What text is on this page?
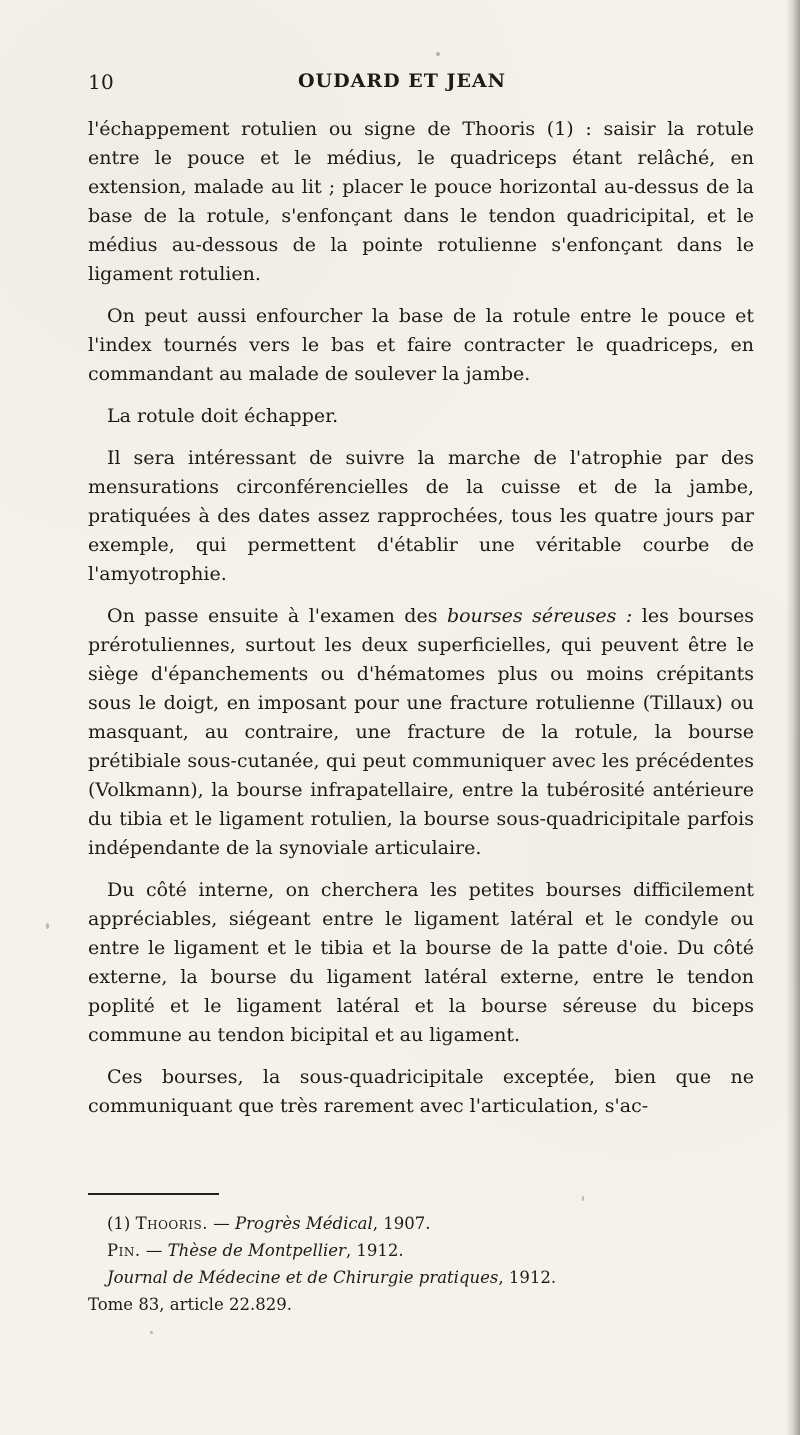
10	OUDARD ET JEAN

l'échappement rotulien ou signe de Thooris (1) : saisir la rotule entre le pouce et le médius, le quadriceps étant relâché, en extension, malade au lit ; placer le pouce horizontal au-dessus de la base de la rotule, s'enfonçant dans le tendon quadricipital, et le médius au-dessous de la pointe rotulienne s'enfonçant dans le ligament rotulien.

On peut aussi enfourcher la base de la rotule entre le pouce et l'index tournés vers le bas et faire contracter le quadriceps, en commandant au malade de soulever la jambe.

La rotule doit échapper.

Il sera intéressant de suivre la marche de l'atrophie par des mensurations circonférencielles de la cuisse et de la jambe, pratiquées à des dates assez rapprochées, tous les quatre jours par exemple, qui permettent d'établir une véritable courbe de l'amyotrophie.

On passe ensuite à l'examen des bourses séreuses : les bourses prérotuliennes, surtout les deux superficielles, qui peuvent être le siège d'épanchements ou d'hématomes plus ou moins crépitants sous le doigt, en imposant pour une fracture rotulienne (Tillaux) ou masquant, au contraire, une fracture de la rotule, la bourse prétibiale sous-cutanée, qui peut communiquer avec les précédentes (Volkmann), la bourse infrapatellaire, entre la tubérosité antérieure du tibia et le ligament rotulien, la bourse sous-quadricipitale parfois indépendante de la synoviale articulaire.

Du côté interne, on cherchera les petites bourses difficilement appréciables, siégeant entre le ligament latéral et le condyle ou entre le ligament et le tibia et la bourse de la patte d'oie. Du côté externe, la bourse du ligament latéral externe, entre le tendon poplité et le ligament latéral et la bourse séreuse du biceps commune au tendon bicipital et au ligament.

Ces bourses, la sous-quadricipitale exceptée, bien que ne communiquant que très rarement avec l'articulation, s'ac-

(1) Thooris. — Progrès Médical, 1907.

Pin. — Thèse de Montpellier, 1912.

Journal de Médecine et de Chirurgie pratiques, 1912.

Tome 83, article 22.829.
